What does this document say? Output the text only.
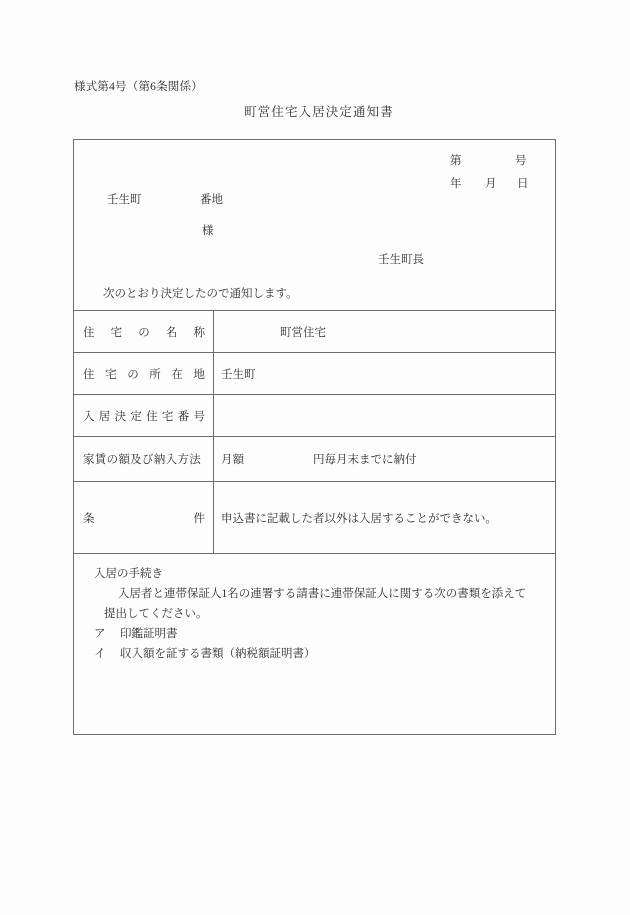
様式第4号（第6条関係）
町営住宅入居決定通知書
第	号
年 月 日
壬生町	番地
様
壬生町長
次のとおり決定したので通知します。
住 宅 の 名 称	町営住宅
住 宅 の 所 在 地 壬生町
入 居 決 定 住 宅 番 号
家賃の額及び納入方法	月額	円毎月末までに納付
条	件 申込書に記載した者以外は入居することができない。
入居の手続き
入居者と連帯保証人1名の連署する請書に連帯保証人に関する次の書類を添えて
提出してください。
ア 印鑑証明書
イ 収入額を証する書類（納税額証明書）
